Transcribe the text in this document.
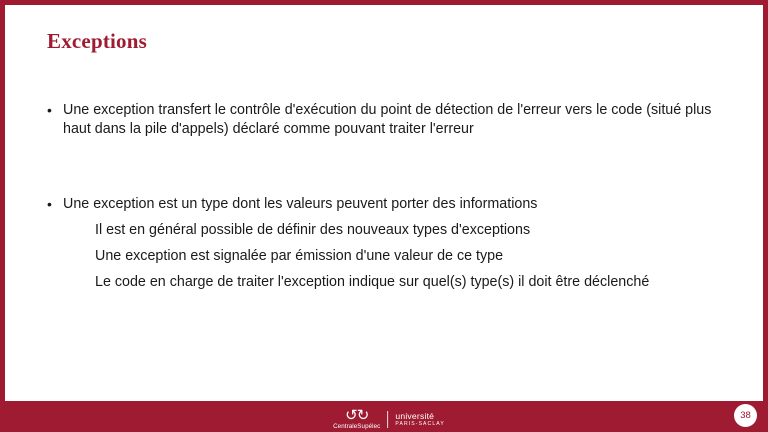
Exceptions
• Une exception transfert le contrôle d'exécution du point de détection de l'erreur vers le code (situé plus haut dans la pile d'appels) déclaré comme pouvant traiter l'erreur
• Une exception est un type dont les valeurs peuvent porter des informations
Il est en général possible de définir des nouveaux types d'exceptions
Une exception est signalée par émission d'une valeur de ce type
Le code en charge de traiter l'exception indique sur quel(s) type(s) il doit être déclenché
↺↻
CentraleSupélec
université
PARIS-SACLAY
38
